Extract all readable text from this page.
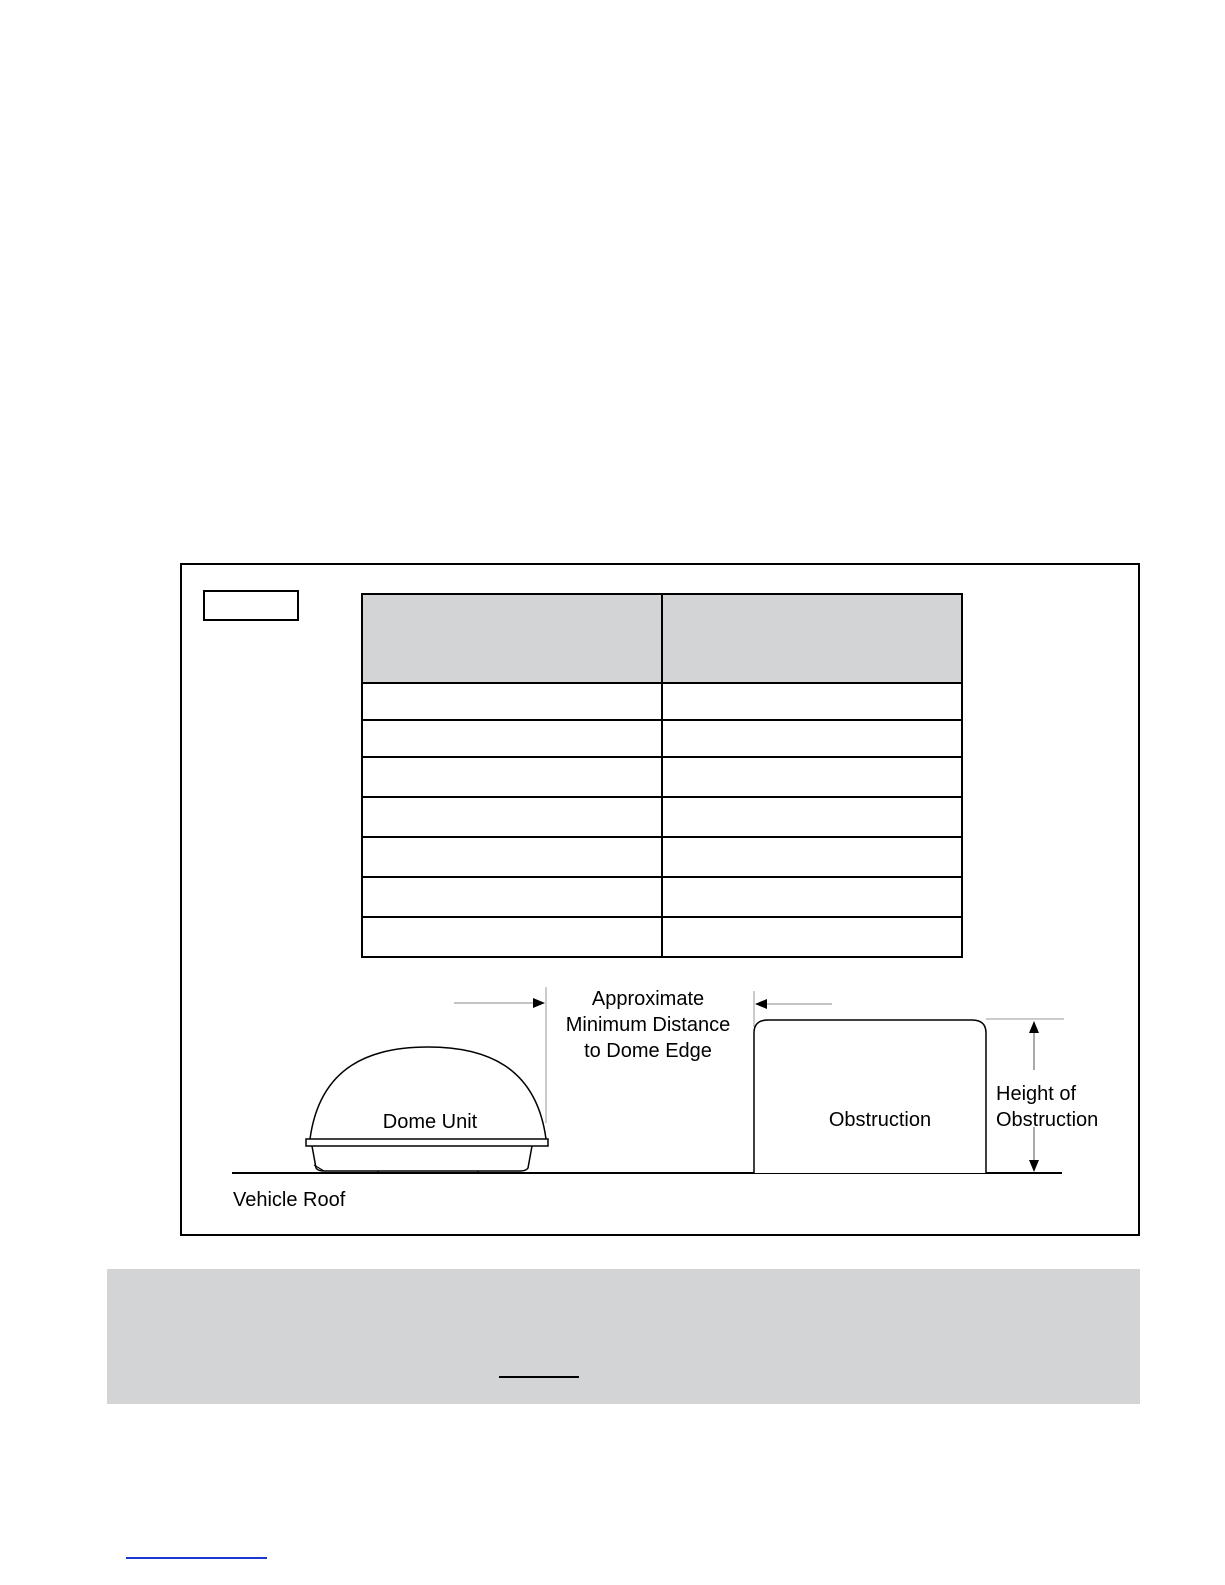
Approximate
Minimum Distance
to Dome Edge
Dome Unit	Obstruction
Height of
Obstruction
Vehicle Roof
